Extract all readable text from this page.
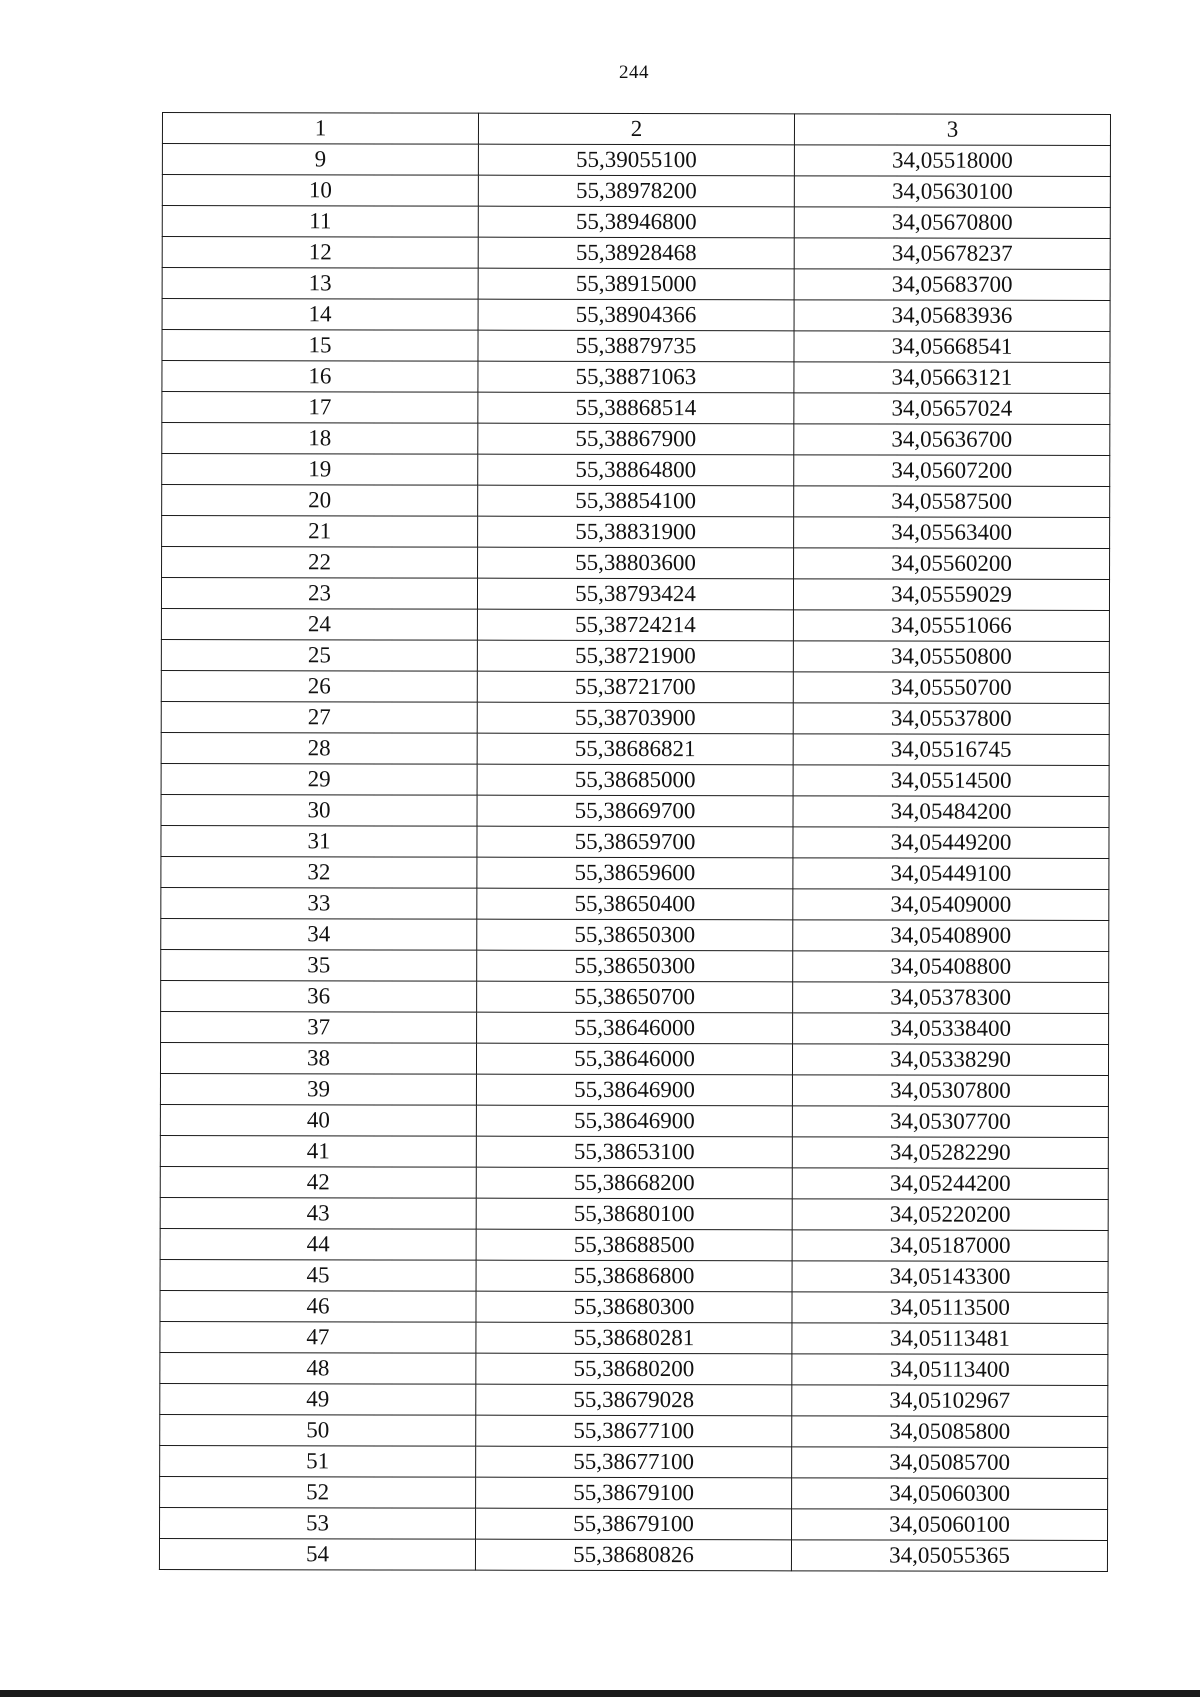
244
1	2	3
9	55,39055100	34,05518000
10	55,38978200	34,05630100
11	55,38946800	34,05670800
12	55,38928468	34,05678237
13	55,38915000	34,05683700
14	55,38904366	34,05683936
15	55,38879735	34,05668541
16	55,38871063	34,05663121
17	55,38868514	34,05657024
18	55,38867900	34,05636700
19	55,38864800	34,05607200
20	55,38854100	34,05587500
21	55,38831900	34,05563400
22	55,38803600	34,05560200
23	55,38793424	34,05559029
24	55,38724214	34,05551066
25	55,38721900	34,05550800
26	55,38721700	34,05550700
27	55,38703900	34,05537800
28	55,38686821	34,05516745
29	55,38685000	34,05514500
30	55,38669700	34,05484200
31	55,38659700	34,05449200
32	55,38659600	34,05449100
33	55,38650400	34,05409000
34	55,38650300	34,05408900
35	55,38650300	34,05408800
36	55,38650700	34,05378300
37	55,38646000	34,05338400
38	55,38646000	34,05338290
39	55,38646900	34,05307800
40	55,38646900	34,05307700
41	55,38653100	34,05282290
42	55,38668200	34,05244200
43	55,38680100	34,05220200
44	55,38688500	34,05187000
45	55,38686800	34,05143300
46	55,38680300	34,05113500
47	55,38680281	34,05113481
48	55,38680200	34,05113400
49	55,38679028	34,05102967
50	55,38677100	34,05085800
51	55,38677100	34,05085700
52	55,38679100	34,05060300
53	55,38679100	34,05060100
54	55,38680826	34,05055365
